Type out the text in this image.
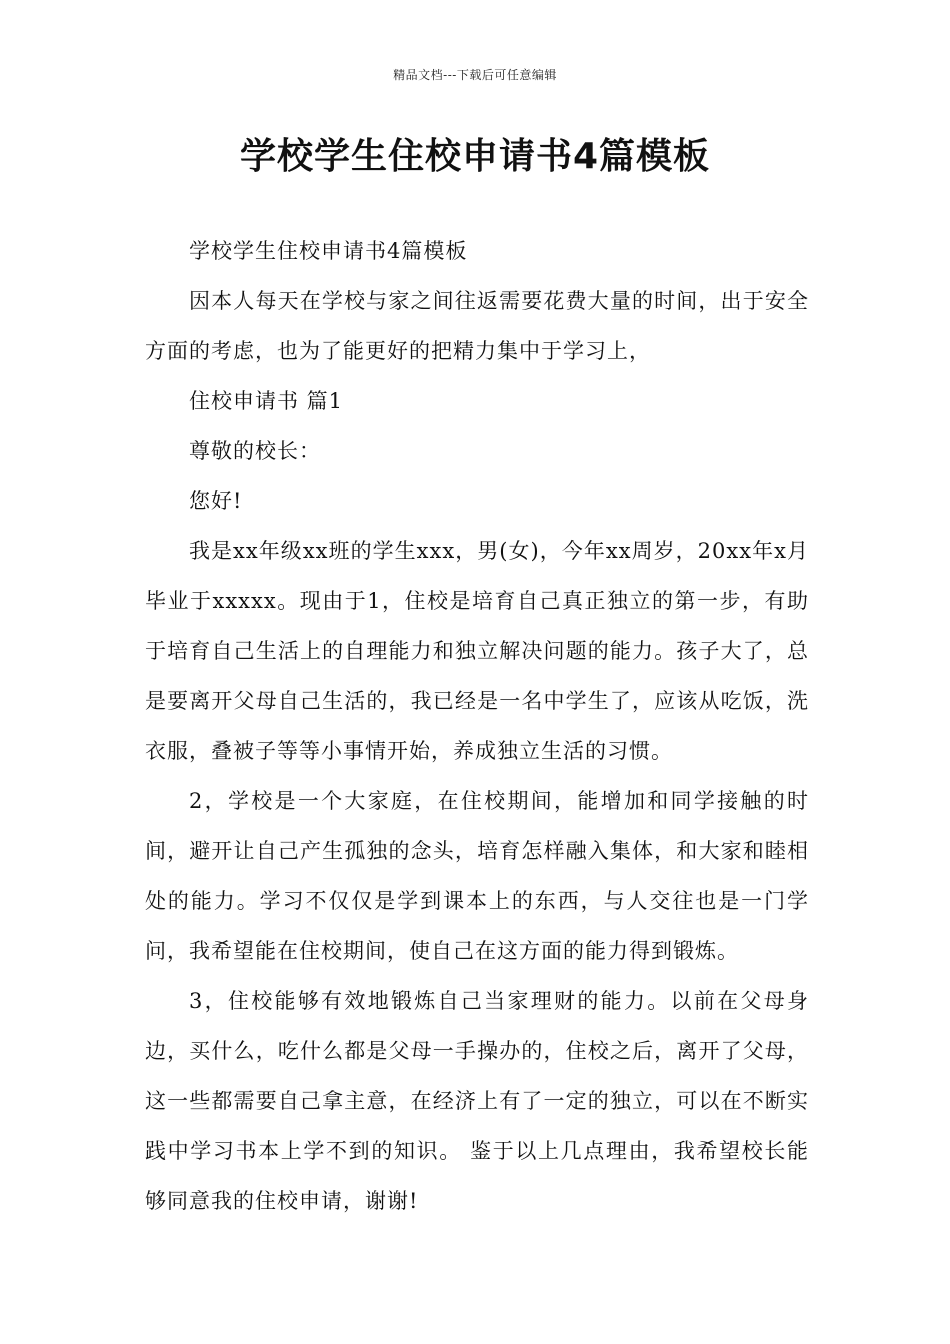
精品文档---下载后可任意编辑
学校学生住校申请书4篇模板

学校学生住校申请书4篇模板

因本人每天在学校与家之间往返需要花费大量的时间，出于安全方面的考虑，也为了能更好的把精力集中于学习上，

住校申请书 篇1

尊敬的校长：

您好!

我是xx年级xx班的学生xxx，男(女)，今年xx周岁，20xx年x月毕业于xxxxx。现由于1，住校是培育自己真正独立的第一步，有助于培育自己生活上的自理能力和独立解决问题的能力。孩子大了，总是要离开父母自己生活的，我已经是一名中学生了，应该从吃饭，洗衣服，叠被子等等小事情开始，养成独立生活的习惯。

2，学校是一个大家庭，在住校期间，能增加和同学接触的时间，避开让自己产生孤独的念头，培育怎样融入集体，和大家和睦相处的能力。学习不仅仅是学到课本上的东西，与人交往也是一门学问，我希望能在住校期间，使自己在这方面的能力得到锻炼。

3，住校能够有效地锻炼自己当家理财的能力。以前在父母身边，买什么，吃什么都是父母一手操办的，住校之后，离开了父母，这一些都需要自己拿主意，在经济上有了一定的独立，可以在不断实践中学习书本上学不到的知识。 鉴于以上几点理由，我希望校长能够同意我的住校申请，谢谢!
